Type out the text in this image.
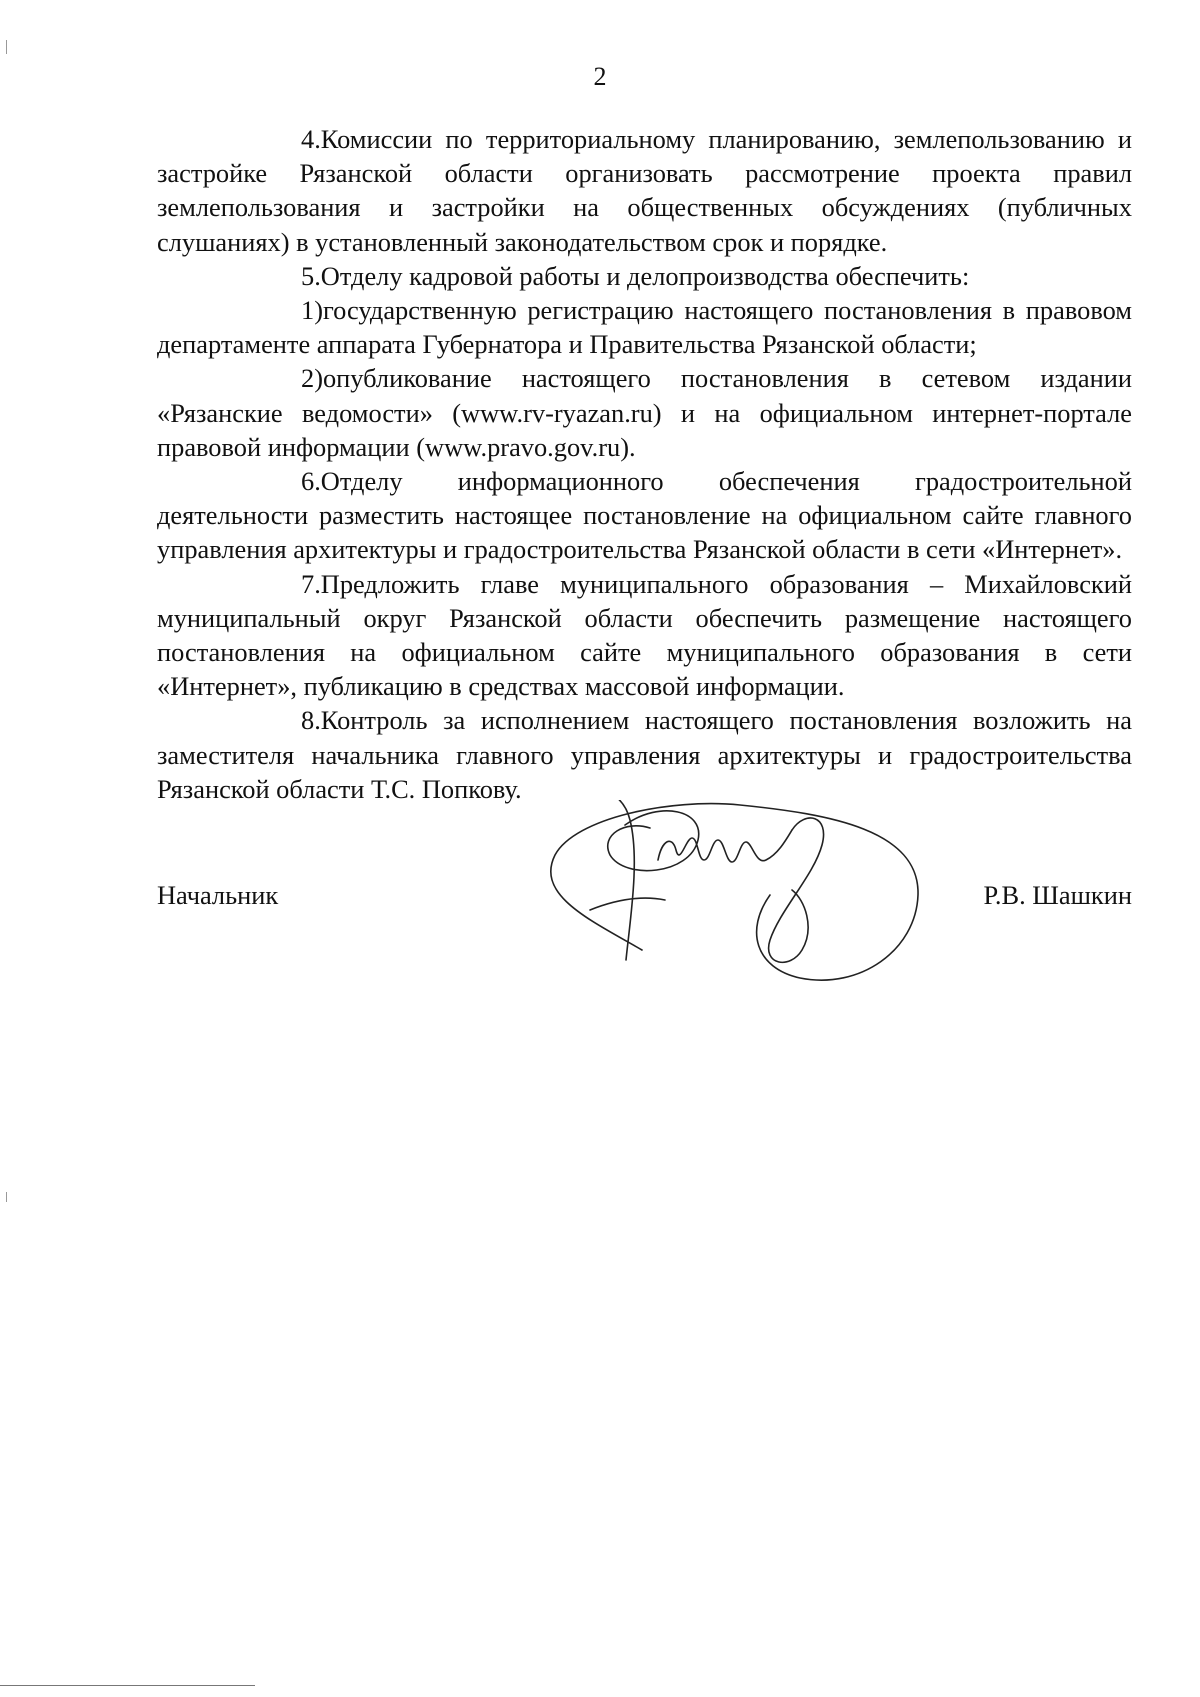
2

4.Комиссии по территориальному планированию, землепользованию и застройке Рязанской области организовать рассмотрение проекта правил землепользования и застройки на общественных обсуждениях (публичных слушаниях) в установленный законодательством срок и порядке.

5.Отделу кадровой работы и делопроизводства обеспечить:

1)государственную регистрацию настоящего постановления в правовом департаменте аппарата Губернатора и Правительства Рязанской области;

2)опубликование настоящего постановления в сетевом издании «Рязанские ведомости» (www.rv-ryazan.ru) и на официальном интернет-портале правовой информации (www.pravo.gov.ru).

6.Отделу информационного обеспечения градостроительной деятельности разместить настоящее постановление на официальном сайте главного управления архитектуры и градостроительства Рязанской области в сети «Интернет».

7.Предложить главе муниципального образования – Михайловский муниципальный округ Рязанской области обеспечить размещение настоящего постановления на официальном сайте муниципального образования в сети «Интернет», публикацию в средствах массовой информации.

8.Контроль за исполнением настоящего постановления возложить на заместителя начальника главного управления архитектуры и градостроительства Рязанской области Т.С. Попкову.

Начальник	Р.В. Шашкин
